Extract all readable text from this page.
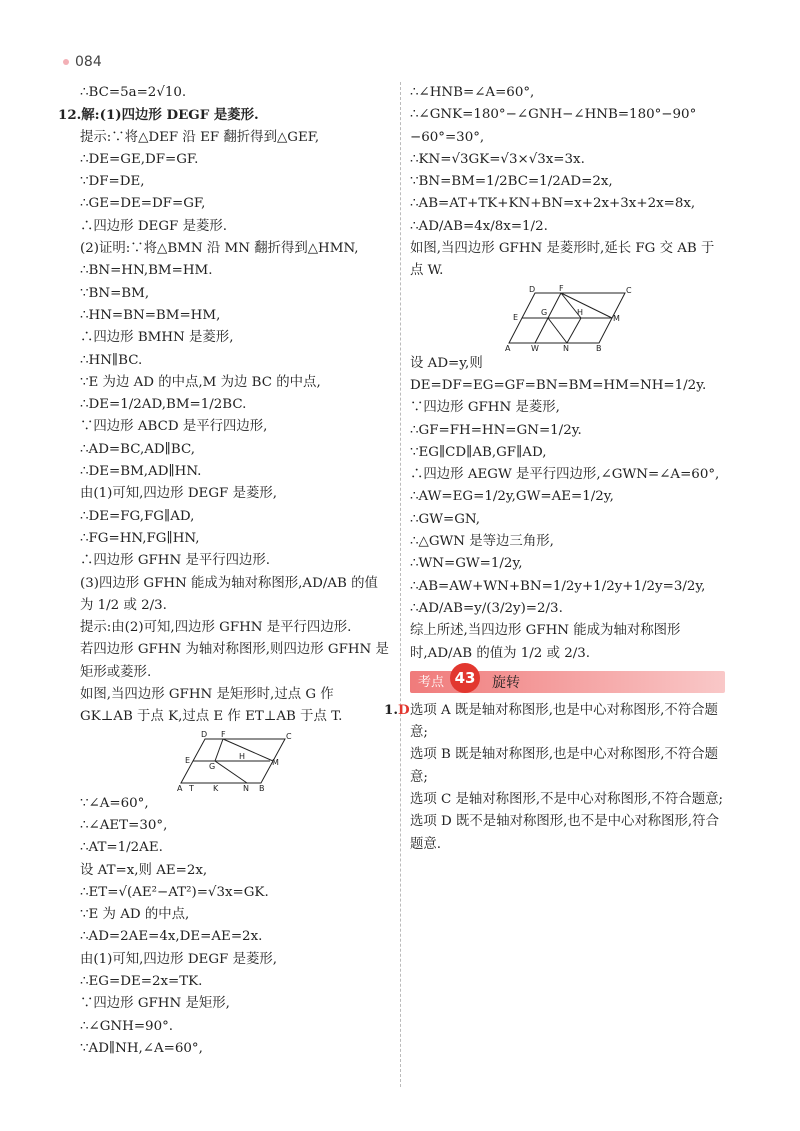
084
∴BC=5a=2√10.
12.解:(1)四边形 DEGF 是菱形.
提示:∵将△DEF 沿 EF 翻折得到△GEF,
∴DE=GE,DF=GF.
∵DF=DE,
∴GE=DE=DF=GF,
∴四边形 DEGF 是菱形.
(2)证明:∵将△BMN 沿 MN 翻折得到△HMN,
∴BN=HN,BM=HM.
∵BN=BM,
∴HN=BN=BM=HM,
∴四边形 BMHN 是菱形,
∴HN∥BC.
∵E 为边 AD 的中点,M 为边 BC 的中点,
∴DE=1/2AD,BM=1/2BC.
∵四边形 ABCD 是平行四边形,
∴AD=BC,AD∥BC,
∴DE=BM,AD∥HN.
由(1)可知,四边形 DEGF 是菱形,
∴DE=FG,FG∥AD,
∴FG=HN,FG∥HN,
∴四边形 GFHN 是平行四边形.
(3)四边形 GFHN 能成为轴对称图形,AD/AB 的值为 1/2 或 2/3.
提示:由(2)可知,四边形 GFHN 是平行四边形.
若四边形 GFHN 为轴对称图形,则四边形 GFHN 是矩形或菱形.
如图,当四边形 GFHN 是矩形时,过点 G 作 GK⊥AB 于点 K,过点 E 作 ET⊥AB 于点 T.
D F	C
E
G
H
M
A T K	N B
∵∠A=60°,
∴∠AET=30°,
∴AT=1/2AE.
设 AT=x,则 AE=2x,
∴ET=√(AE²−AT²)=√3x=GK.
∵E 为 AD 的中点,
∴AD=2AE=4x,DE=AE=2x.
由(1)可知,四边形 DEGF 是菱形,
∴EG=DE=2x=TK.
∵四边形 GFHN 是矩形,
∴∠GNH=90°.
∵AD∥NH,∠A=60°,
∴∠HNB=∠A=60°,
∴∠GNK=180°−∠GNH−∠HNB=180°−90°−60°=30°,
∴KN=√3GK=√3×√3x=3x.
∵BN=BM=1/2BC=1/2AD=2x,
∴AB=AT+TK+KN+BN=x+2x+3x+2x=8x,
∴AD/AB=4x/8x=1/2.
如图,当四边形 GFHN 是菱形时,延长 FG 交 AB 于点 W.
D	F	C
E
G	H
M
A	W	N	B
设 AD=y,则 DE=DF=EG=GF=BN=BM=HM=NH=1/2y.
∵四边形 GFHN 是菱形,
∴GF=FH=HN=GN=1/2y.
∵EG∥CD∥AB,GF∥AD,
∴四边形 AEGW 是平行四边形,∠GWN=∠A=60°,
∴AW=EG=1/2y,GW=AE=1/2y,
∴GW=GN,
∴△GWN 是等边三角形,
∴WN=GW=1/2y,
∴AB=AW+WN+BN=1/2y+1/2y+1/2y=3/2y,
∴AD/AB=y/(3/2y)=2/3.
综上所述,当四边形 GFHN 能成为轴对称图形时,AD/AB 的值为 1/2 或 2/3.
考点 43	旋转
1.D选项 A 既是轴对称图形,也是中心对称图形,不符合题意;
选项 B 既是轴对称图形,也是中心对称图形,不符合题意;
选项 C 是轴对称图形,不是中心对称图形,不符合题意;
选项 D 既不是轴对称图形,也不是中心对称图形,符合题意.
